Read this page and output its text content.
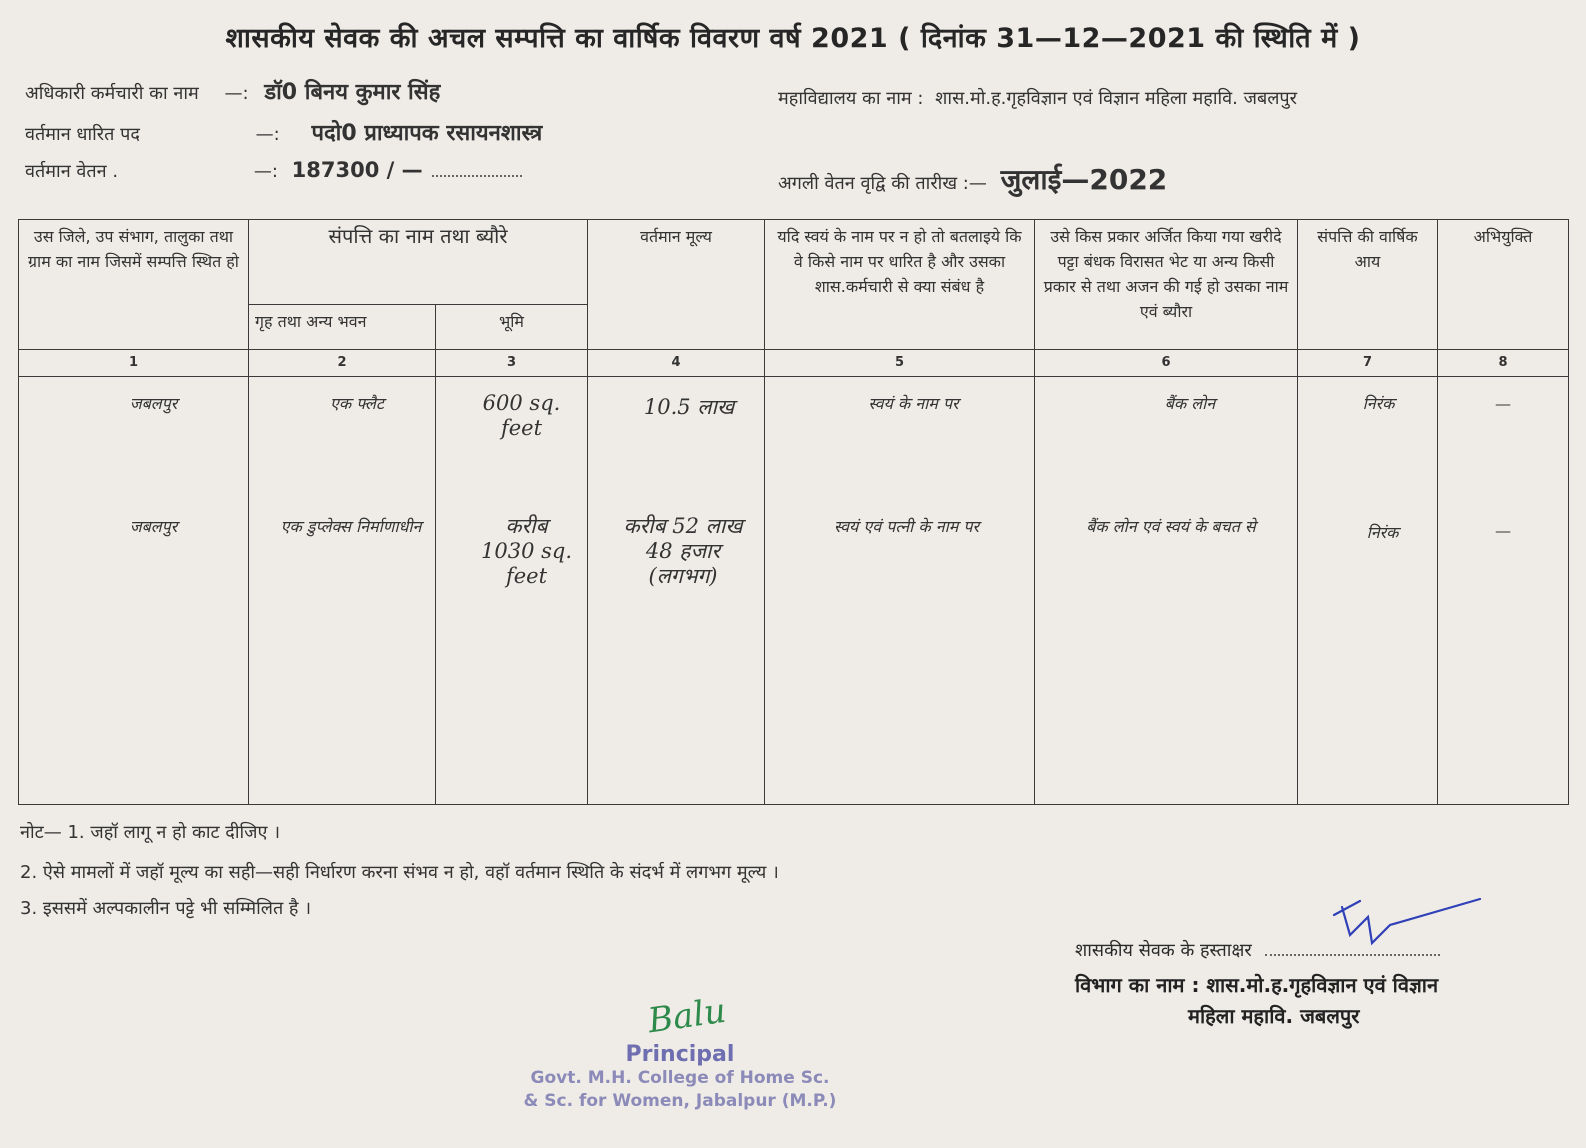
शासकीय सेवक की अचल सम्पत्ति का वार्षिक विवरण वर्ष 2021 ( दिनांक 31—12—2021 की स्थिति में )
अधिकारी कर्मचारी का नाम —: डॉ0 बिनय कुमार सिंह
वर्तमान धारित पद	—: पदो0 प्राध्यापक रसायनशास्त्र
वर्तमान वेतन .	—: 187300 / —
महाविद्यालय का नाम : शास.मो.ह.गृहविज्ञान एवं विज्ञान महिला महावि. जबलपुर
अगली वेतन वृद्वि की तारीख :— जुलाई—2022
उस जिले, उप संभाग, तालुका तथा ग्राम का नाम जिसमें सम्पत्ति स्थित हो	संपत्ति का नाम तथा ब्यौरे		वर्तमान मूल्य	यदि स्वयं के नाम पर न हो तो बतलाइये कि वे किसे नाम पर धारित है और उसका शास.कर्मचारी से क्या संबंध है	उसे किस प्रकार अर्जित किया गया खरीदे पट्टा बंधक विरासत भेट या अन्य किसी प्रकार से तथा अजन की गई हो उसका नाम एवं ब्यौरा	संपत्ति की वार्षिक आय	अभियुक्ति
	गृह तथा अन्य भवन	भूमि					
1	2	3	4	5	6	7	8
जबलपुर	एक फ्लैट	600 sq. feet	10.5 लाख	स्वयं के नाम पर	बैंक लोन	निरंक	—
जबलपुर	एक डुप्लेक्स निर्माणाधीन	करीब 1030 sq. feet	करीब 52 लाख 48 हजार (लगभग)	स्वयं एवं पत्नी के नाम पर	बैंक लोन एवं स्वयं के बचत से	निरंक	—
नोट— 1. जहॉ लागू न हो काट दीजिए ।
2. ऐसे मामलों में जहॉ मूल्य का सही—सही निर्धारण करना संभव न हो, वहॉ वर्तमान स्थिति के संदर्भ में लगभग मूल्य ।
3. इससमें अल्पकालीन पट्टे भी सम्मिलित है ।
शासकीय सेवक के हस्ताक्षर
विभाग का नाम : शास.मो.ह.गृहविज्ञान एवं विज्ञान
महिला महावि. जबलपुर
Balu
Principal
Govt. M.H. College of Home Sc.
& Sc. for Women, Jabalpur (M.P.)
